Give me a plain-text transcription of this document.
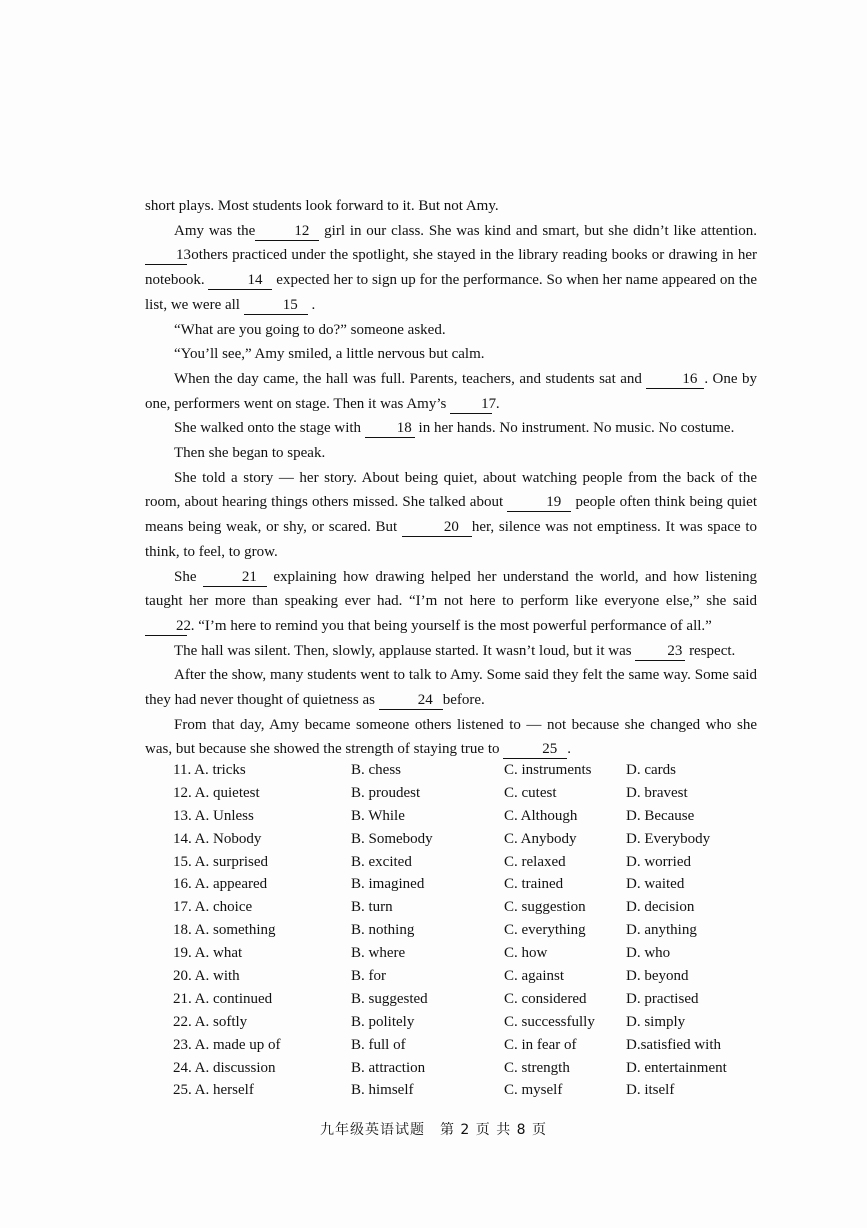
short plays. Most students look forward to it. But not Amy.

Amy was the	12 girl in our class. She was kind and smart, but she didn’t like attention. 13 others practiced under the spotlight, she stayed in the library reading books or drawing in her notebook.	14 expected her to sign up for the performance. So when her name appeared on the list, we were all	15 .

“What are you going to do?” someone asked.

“You’ll see,” Amy smiled, a little nervous but calm.

When the day came, the hall was full. Parents, teachers, and students sat and	16 . One by one, performers went on stage. Then it was Amy’s 17 .

She walked onto the stage with 18 in her hands. No instrument. No music. No costume.

Then she began to speak.

She told a story — her story. About being quiet, about watching people from the back of the room, about hearing things others missed. She talked about	19 people often think being quiet means being weak, or shy, or scared. But	20 her, silence was not emptiness. It was space to think, to feel, to grow.

She	21 explaining how drawing helped her understand the world, and how listening taught her more than speaking ever had. “I’m not here to perform like everyone else,” she said 22 . “I’m here to remind you that being yourself is the most powerful performance of all.”

The hall was silent. Then, slowly, applause started. It wasn’t loud, but it was 23 respect.

After the show, many students went to talk to Amy. Some said they felt the same way. Some said they had never thought of quietness as	24 before.

From that day, Amy became someone others listened to — not because she changed who she was, but because she showed the strength of staying true to	25 .

11. A. tricks	B. chess	C. instruments D. cards
12. A. quietest	B. proudest	C. cutest	D. bravest
13. A. Unless	B. While	C. Although	D. Because
14. A. Nobody	B. Somebody	C. Anybody	D. Everybody
15. A. surprised	B. excited	C. relaxed	D. worried
16. A. appeared	B. imagined	C. trained	D. waited
17. A. choice	B. turn	C. suggestion	D. decision
18. A. something	B. nothing	C. everything	D. anything
19. A. what	B. where	C. how	D. who
20. A. with	B. for	C. against	D. beyond
21. A. continued	B. suggested	C. considered	D. practised
22. A. softly	B. politely	C. successfully D. simply
23. A. made up of	B. full of	C. in fear of	D.satisfied with
24. A. discussion	B. attraction	C. strength	D. entertainment
25. A. herself	B. himself	C. myself	D. itself
九年级英语试题　第 2 页 共 8 页
